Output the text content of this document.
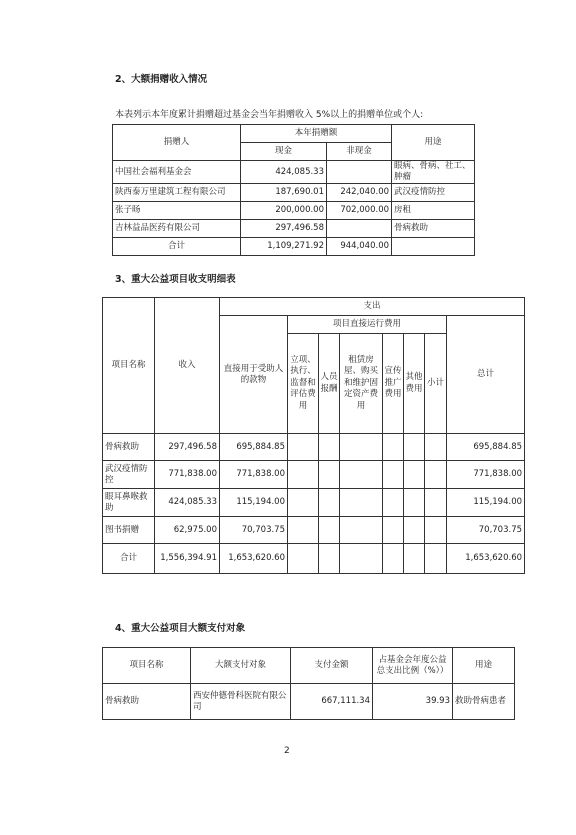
2、大额捐赠收入情况
本表列示本年度累计捐赠超过基金会当年捐赠收入 5%以上的捐赠单位或个人:
捐赠人	本年捐赠额		用途
	现金	非现金	
中国社会福利基金会	424,085.33		眼病、骨病、社工、肿瘤
陕西泰万里建筑工程有限公司	187,690.01	242,040.00	武汉疫情防控
张子旸	200,000.00	702,000.00	房租
吉林益品医药有限公司	297,496.58		骨病救助
合计	1,109,271.92	944,040.00	
3、重大公益项目收支明细表
项目名称	收入	支出							
		直接用于受助人的款物	项目直接运行费用						总计
			立项、执行、监督和评估费用	人员报酬	租赁房屋、购买和维护固定资产费用	宣传推广费用	其他费用	小计	
骨病救助	297,496.58	695,884.85							695,884.85
武汉疫情防控	771,838.00	771,838.00							771,838.00
眼耳鼻喉救助	424,085.33	115,194.00							115,194.00
图书捐赠	62,975.00	70,703.75							70,703.75
合计	1,556,394.91	1,653,620.60							1,653,620.60
4、重大公益项目大额支付对象
项目名称	大额支付对象	支付金额	占基金会年度公益总支出比例（%））	用途
骨病救助	西安仲德骨科医院有限公司	667,111.34	39.93	救助骨病患者
2
